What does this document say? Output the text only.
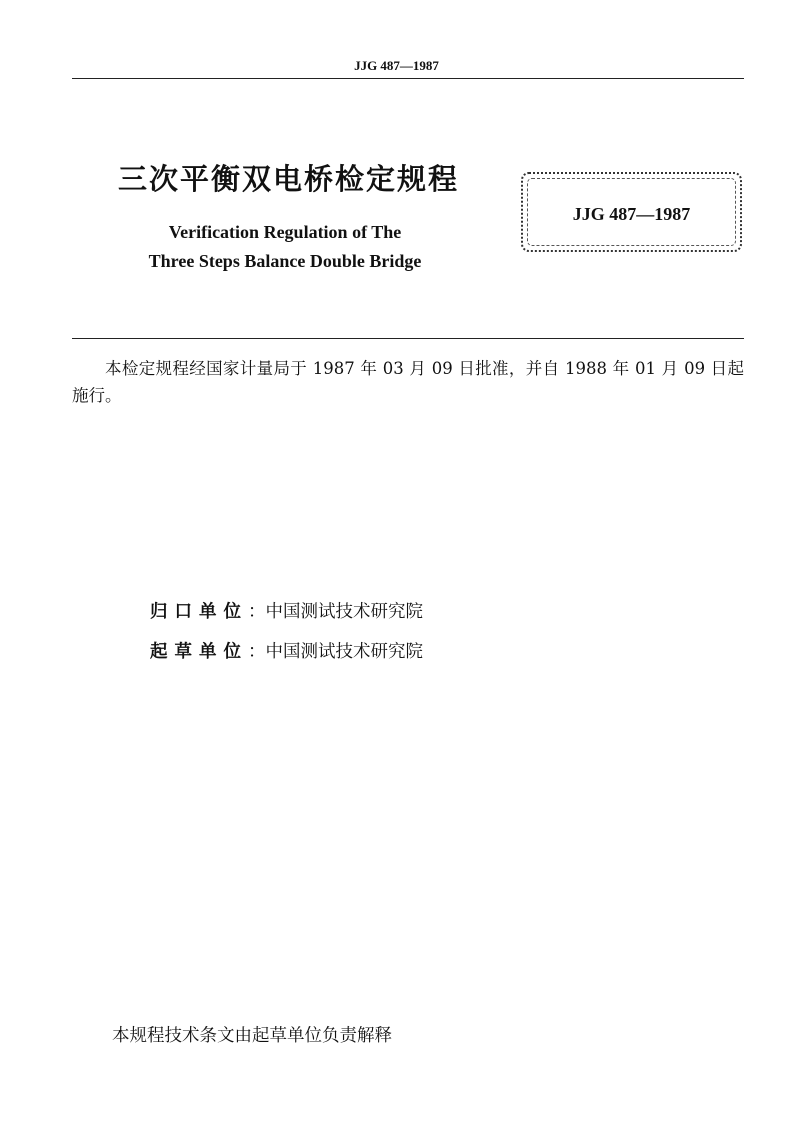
JJG 487—1987
三次平衡双电桥检定规程
Verification Regulation of The
Three Steps Balance Double Bridge
JJG 487—1987
本检定规程经国家计量局于 1987 年 03 月 09 日批准，并自 1988 年 01 月 09 日起施行。
归口单位：中国测试技术研究院
起草单位：中国测试技术研究院
本规程技术条文由起草单位负责解释
